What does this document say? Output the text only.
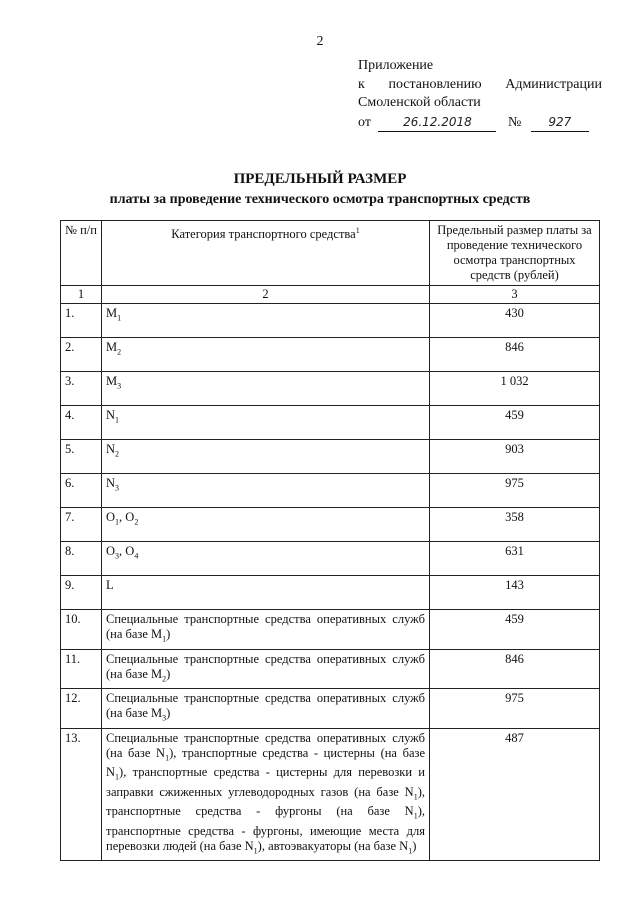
2
Приложение
к постановлению Администрации
Смоленской области
от	26.12.2018	№ 927
ПРЕДЕЛЬНЫЙ РАЗМЕР
платы за проведение технического осмотра транспортных средств
№ п/п	Категория транспортного средства$^1$	Предельный размер платы за проведение технического осмотра транспортных средств (рублей)
1	2	3
1.	$M_1$	430
2.	$M_2$	846
3.	$M_3$	1 032
4.	$N_1$	459
5.	$N_2$	903
6.	$N_3$	975
7.	$O_1$, $O_2$	358
8.	$O_3$, $O_4$	631
9.	L	143
10.	Специальные транспортные средства оперативных служб (на базе $M_1$)	459
11.	Специальные транспортные средства оперативных служб (на базе $M_2$)	846
12.	Специальные транспортные средства оперативных служб (на базе $M_3$)	975
13.	Специальные транспортные средства оперативных служб (на базе $N_1$), транспортные средства - цистерны (на базе $N_1$), транспортные средства - цистерны для перевозки и заправки сжиженных углеводородных газов (на базе $N_1$), транспортные средства - фургоны (на базе $N_1$), транспортные средства - фургоны, имеющие места для перевозки людей (на базе $N_1$), автоэвакуаторы (на базе $N_1$)	487
